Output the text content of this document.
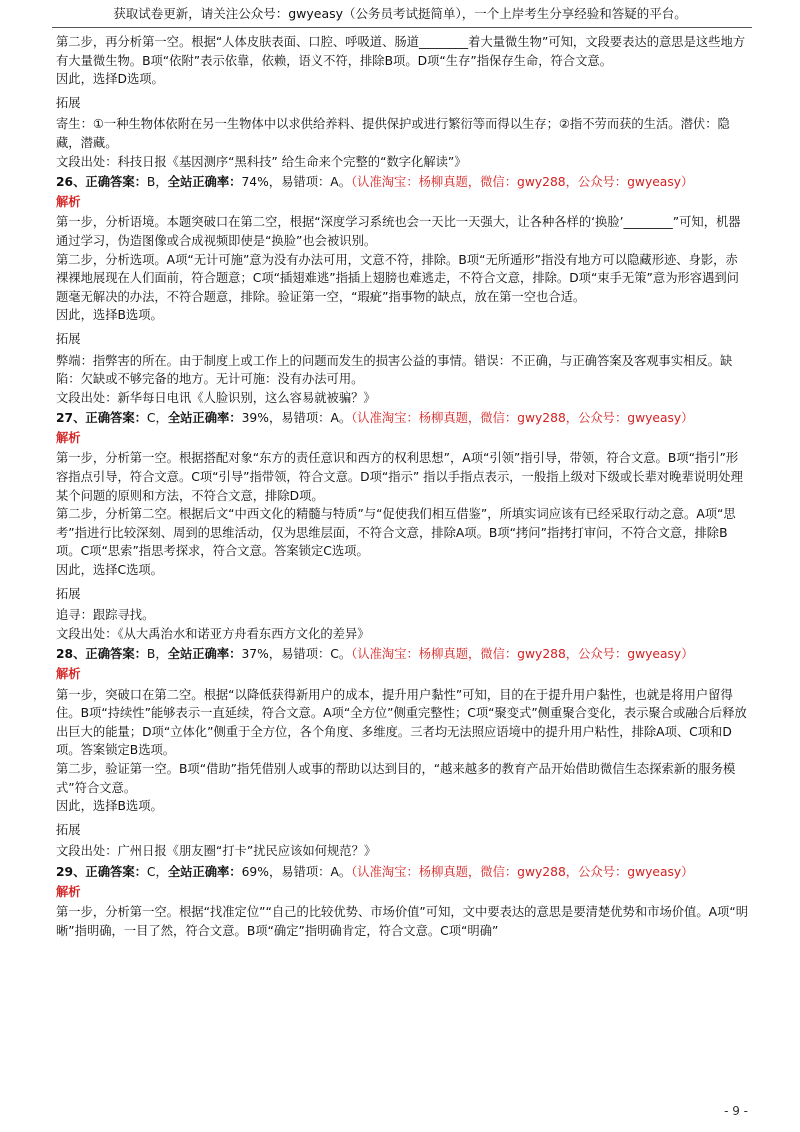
获取试卷更新，请关注公众号：gwyeasy（公务员考试挺简单），一个上岸考生分享经验和答疑的平台。

第二步，再分析第一空。根据“人体皮肤表面、口腔、呼吸道、肠道________着大量微生物”可知，文段要表达的意思是这些地方有大量微生物。B项“依附”表示依靠，依赖，语义不符，排除B项。D项“生存”指保存生命，符合文意。

因此，选择D选项。

拓展

寄生：①一种生物体依附在另一生物体中以求供给养料、提供保护或进行繁衍等而得以生存；②指不劳而获的生活。潜伏：隐藏，潜藏。

文段出处：科技日报《基因测序“黑科技” 给生命来个完整的“数字化解读”》

26、正确答案：B，全站正确率：74%，易错项：A。（认准淘宝：杨柳真题，微信：gwy288，公众号：gwyeasy）

解析

第一步，分析语境。本题突破口在第二空，根据“深度学习系统也会一天比一天强大，让各种各样的‘换脸’________”可知，机器通过学习，伪造图像或合成视频即使是“换脸”也会被识别。

第二步，分析选项。A项“无计可施”意为没有办法可用，文意不符，排除。B项“无所遁形”指没有地方可以隐藏形迹、身影，赤裸裸地展现在人们面前，符合题意；C项“插翅难逃”指插上翅膀也难逃走，不符合文意，排除。D项“束手无策”意为形容遇到问题毫无解决的办法，不符合题意，排除。验证第一空，“瑕疵”指事物的缺点，放在第一空也合适。

因此，选择B选项。

拓展

弊端：指弊害的所在。由于制度上或工作上的问题而发生的损害公益的事情。错误：不正确，与正确答案及客观事实相反。缺陷：欠缺或不够完备的地方。无计可施：没有办法可用。

文段出处：新华每日电讯《人脸识别，这么容易就被骗？》

27、正确答案：C，全站正确率：39%，易错项：A。（认准淘宝：杨柳真题，微信：gwy288，公众号：gwyeasy）

解析

第一步，分析第一空。根据搭配对象“东方的责任意识和西方的权利思想”，A项“引领”指引导，带领，符合文意。B项“指引”形容指点引导，符合文意。C项“引导”指带领，符合文意。D项“指示” 指以手指点表示，一般指上级对下级或长辈对晚辈说明处理某个问题的原则和方法，不符合文意，排除D项。

第二步，分析第二空。根据后文“中西文化的精髓与特质”与“促使我们相互借鉴”，所填实词应该有已经采取行动之意。A项“思考”指进行比较深刻、周到的思维活动，仅为思维层面，不符合文意，排除A项。B项“拷问”指拷打审问，不符合文意，排除B项。C项“思索”指思考探求，符合文意。答案锁定C选项。

因此，选择C选项。

拓展

追寻：跟踪寻找。

文段出处：《从大禹治水和诺亚方舟看东西方文化的差异》

28、正确答案：B，全站正确率：37%，易错项：C。（认准淘宝：杨柳真题，微信：gwy288，公众号：gwyeasy）

解析

第一步，突破口在第二空。根据“以降低获得新用户的成本，提升用户黏性”可知，目的在于提升用户黏性，也就是将用户留得住。B项“持续性”能够表示一直延续，符合文意。A项“全方位”侧重完整性；C项“聚变式”侧重聚合变化，表示聚合或融合后释放出巨大的能量；D项“立体化”侧重于全方位，各个角度、多维度。三者均无法照应语境中的提升用户粘性，排除A项、C项和D项。答案锁定B选项。

第二步，验证第一空。B项“借助”指凭借别人或事的帮助以达到目的，“越来越多的教育产品开始借助微信生态探索新的服务模式”符合文意。

因此，选择B选项。

拓展

文段出处：广州日报《朋友圈“打卡”扰民应该如何规范？》

29、正确答案：C，全站正确率：69%，易错项：A。（认准淘宝：杨柳真题，微信：gwy288，公众号：gwyeasy）

解析

第一步，分析第一空。根据“找准定位”“自己的比较优势、市场价值”可知，文中要表达的意思是要清楚优势和市场价值。A项“明晰”指明确，一目了然，符合文意。B项“确定”指明确肯定，符合文意。C项“明确”

- 9 -
